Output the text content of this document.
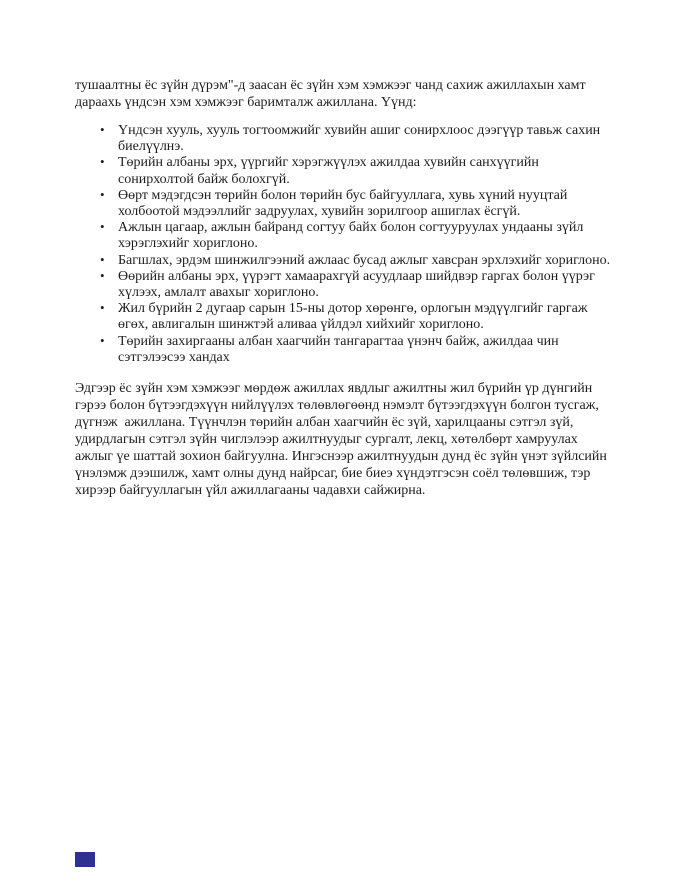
тушаалтны ёс зүйн дүрэм"-д заасан ёс зүйн хэм хэмжээг чанд сахиж ажиллахын хамт дараахь үндсэн хэм хэмжээг баримталж ажиллана. Үүнд:

• Үндсэн хууль, хууль тогтоомжийг хувийн ашиг сонирхлоос дээгүүр тавьж сахин биелүүлнэ.
• Төрийн албаны эрх, үүргийг хэрэгжүүлэх ажилдаа хувийн санхүүгийн сонирхолтой байж болохгүй.
• Өөрт мэдэгдсэн төрийн болон төрийн бус байгууллага, хувь хүний нууцтай холбоотой мэдээллийг задруулах, хувийн зорилгоор ашиглах ёсгүй.
• Ажлын цагаар, ажлын байранд согтуу байх болон согтууруулах ундааны зүйл хэрэглэхийг хориглоно.
• Багшлах, эрдэм шинжилгээний ажлаас бусад ажлыг хавсран эрхлэхийг хориглоно.
• Өөрийн албаны эрх, үүрэгт хамаарахгүй асуудлаар шийдвэр гаргах болон үүрэг хүлээх, амлалт авахыг хориглоно.
• Жил бүрийн 2 дугаар сарын 15-ны дотор хөрөнгө, орлогын мэдүүлгийг гаргаж өгөх, авлигалын шинжтэй аливаа үйлдэл хийхийг хориглоно.
• Төрийн захиргааны албан хаагчийн тангарагтаа үнэнч байж, ажилдаа чин сэтгэлээсээ хандах

Эдгээр ёс зүйн хэм хэмжээг мөрдөж ажиллах явдлыг ажилтны жил бүрийн үр дүнгийн гэрээ болон бүтээгдэхүүн нийлүүлэх төлөвлөгөөнд нэмэлт бүтээгдэхүүн болгон тусгаж, дүгнэж  ажиллана. Түүнчлэн төрийн албан хаагчийн ёс зүй, харилцааны сэтгэл зүй, удирдлагын сэтгэл зүйн чиглэлээр ажилтнуудыг сургалт, лекц, хөтөлбөрт хамруулах ажлыг үе шаттай зохион байгуулна. Ингэснээр ажилтнуудын дунд ёс зүйн үнэт зүйлсийн үнэлэмж дээшилж, хамт олны дунд найрсаг, бие биеэ хүндэтгэсэн соёл төлөвшиж, тэр хирээр байгууллагын үйл ажиллагааны чадавхи сайжирна.
